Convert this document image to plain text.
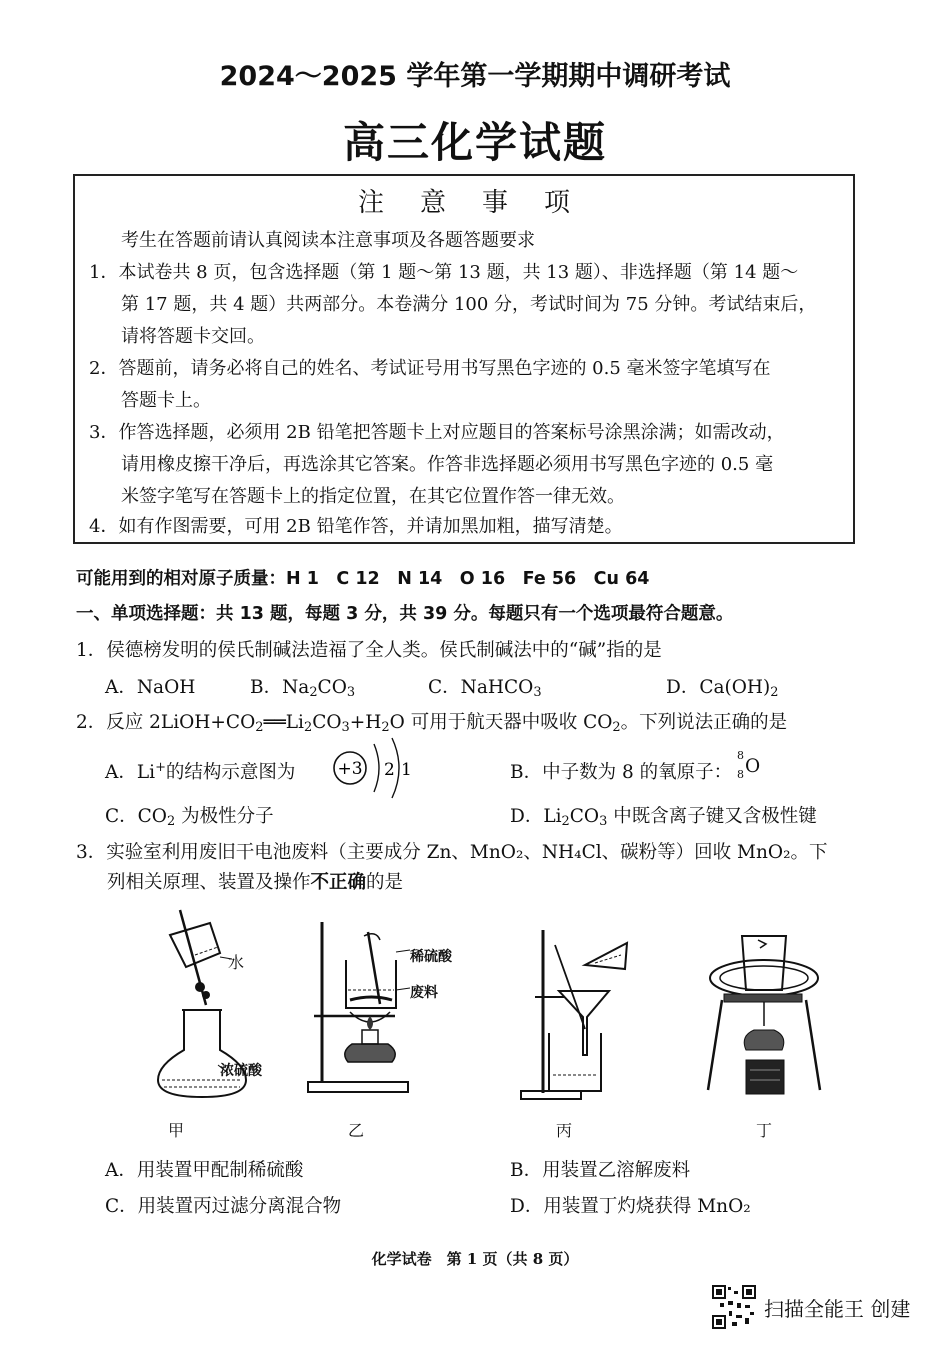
2024～2025 学年第一学期期中调研考试
高三化学试题
注意事项
考生在答题前请认真阅读本注意事项及各题答题要求
1．本试卷共 8 页，包含选择题（第 1 题～第 13 题，共 13 题）、非选择题（第 14 题～
第 17 题，共 4 题）共两部分。本卷满分 100 分，考试时间为 75 分钟。考试结束后，
请将答题卡交回。
2．答题前，请务必将自己的姓名、考试证号用书写黑色字迹的 0.5 毫米签字笔填写在
答题卡上。
3．作答选择题，必须用 2B 铅笔把答题卡上对应题目的答案标号涂黑涂满；如需改动，
请用橡皮擦干净后，再选涂其它答案。作答非选择题必须用书写黑色字迹的 0.5 毫
米签字笔写在答题卡上的指定位置，在其它位置作答一律无效。
4．如有作图需要，可用 2B 铅笔作答，并请加黑加粗，描写清楚。
可能用到的相对原子质量：H 1　C 12　N 14　O 16　Fe 56　Cu 64
一、单项选择题：共 13 题，每题 3 分，共 39 分。每题只有一个选项最符合题意。
1．侯德榜发明的侯氏制碱法造福了全人类。侯氏制碱法中的“碱”指的是
A．NaOH	B．$Na_2CO_3$	C．NaHCO$_3$	D．$Ca(OH)_2$
2．反应 $2LiOH+CO_2══Li_2CO_3+H_2O$ 可用于航天器中吸收 $CO_2$。下列说法正确的是
A．Li+的结构示意图为 +3 2 1	B．中子数为 8 的氧原子：
8
8 O
C．$CO_2$ 为极性分子	D．$Li_2CO_3$ 中既含离子键又含极性键
3．实验室利用废旧干电池废料（主要成分 Zn、MnO₂、NH₄Cl、碳粉等）回收 MnO₂。下
列相关原理、装置及操作不正确的是
水
浓硫酸
甲
稀硫酸
废料
乙	丙	丁
A．用装置甲配制稀硫酸	B．用装置乙溶解废料
C．用装置丙过滤分离混合物	D．用装置丁灼烧获得 MnO₂
化学试卷　第 1 页（共 8 页）
扫描全能王 创建
